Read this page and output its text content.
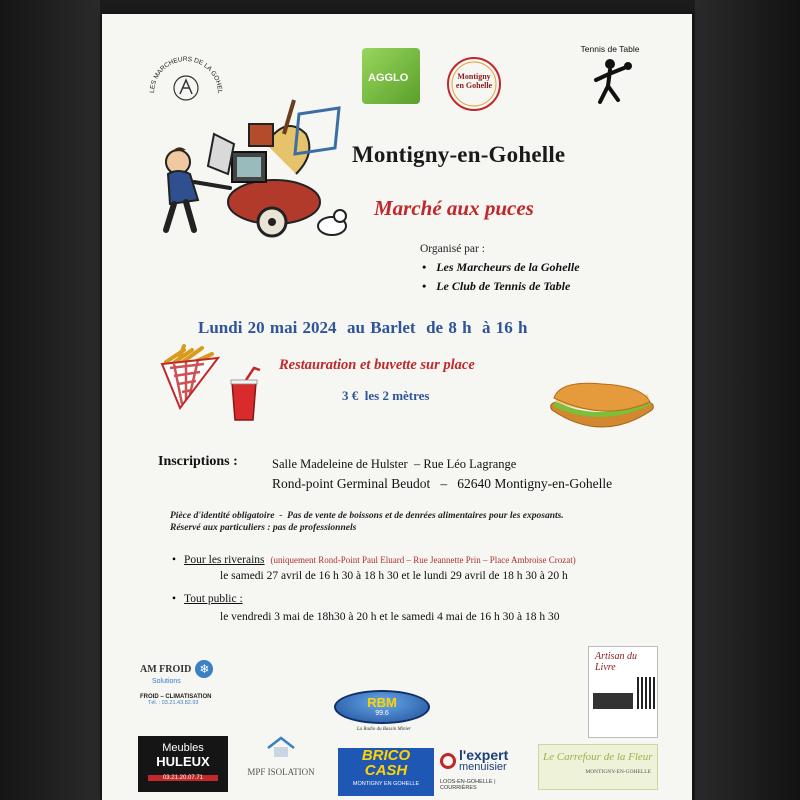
LES MARCHEURS DE LA GOHEL
AGGLO	Montigny en Gohelle
Tennis de Table
Montigny-en-Gohelle
Marché aux puces
Organisé par :
• Les Marcheurs de la Gohelle
• Le Club de Tennis de Table
Lundi 20 mai 2024  au Barlet  de 8 h  à 16 h
Restauration et buvette sur place
3 €  les 2 mètres
Inscriptions :	Salle Madeleine de Hulster  – Rue Léo Lagrange
Rond-point Germinal Beudot   –   62640 Montigny-en-Gohelle
Pièce d'identité obligatoire  -  Pas de vente de boissons et de denrées alimentaires pour les exposants.
Réservé aux particuliers : pas de professionnels
• Pour les riverains (uniquement Rond-Point Paul Eluard – Rue Jeannette Prin – Place Ambroise Crozat)
le samedi 27 avril de 16 h 30 à 18 h 30 et le lundi 29 avril de 18 h 30 à 20 h
• Tout public :
le vendredi 3 mai de 18h30 à 20 h et le samedi 4 mai de 16 h 30 à 18 h 30
AM FROID ❄
Solutions
FROID – CLIMATISATION
Tél. : 03.21.43.82.93	RBM
99.6
La Radio du Bassin Minier
Artisan du Livre
Meubles
HULEUX
03.21.20.07.71
MPF ISOLATION
BRICO
CASH
MONTIGNY EN GOHELLE
l'expert
menuisier
LOOS-EN-GOHELLE | COURRIÈRES
Le Carrefour de la Fleur
MONTIGNY-EN-GOHELLE
